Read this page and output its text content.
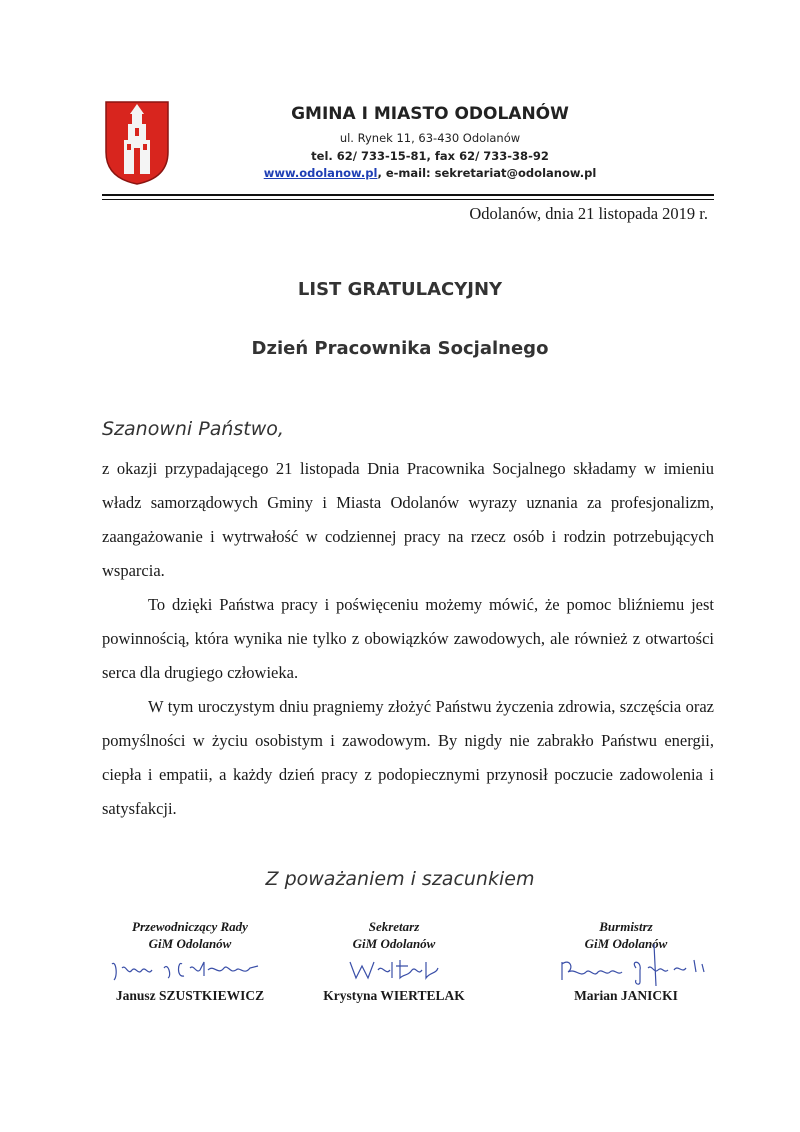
GMINA I MIASTO ODOLANÓW
ul. Rynek 11, 63-430 Odolanów
tel. 62/ 733-15-81, fax 62/ 733-38-92
www.odolanow.pl, e-mail: sekretariat@odolanow.pl
Odolanów, dnia 21 listopada 2019 r.
LIST GRATULACYJNY
Dzień Pracownika Socjalnego
Szanowni Państwo,

z okazji przypadającego 21 listopada Dnia Pracownika Socjalnego składamy w imieniu władz samorządowych Gminy i Miasta Odolanów wyrazy uznania za profesjonalizm, zaangażowanie i wytrwałość w codziennej pracy na rzecz osób i rodzin potrzebujących wsparcia.

To dzięki Państwa pracy i poświęceniu możemy mówić, że pomoc bliźniemu jest powinnością, która wynika nie tylko z obowiązków zawodowych, ale również z otwartości serca dla drugiego człowieka.

W tym uroczystym dniu pragniemy złożyć Państwu życzenia zdrowia, szczęścia oraz pomyślności w życiu osobistym i zawodowym. By nigdy nie zabrakło Państwu energii, ciepła i empatii, a każdy dzień pracy z podopiecznymi przynosił poczucie zadowolenia i satysfakcji.

Z poważaniem i szacunkiem
Przewodniczący Rady
GiM Odolanów
Janusz SZUSTKIEWICZ
Sekretarz
GiM Odolanów
Krystyna WIERTELAK
Burmistrz
GiM Odolanów
Marian JANICKI
